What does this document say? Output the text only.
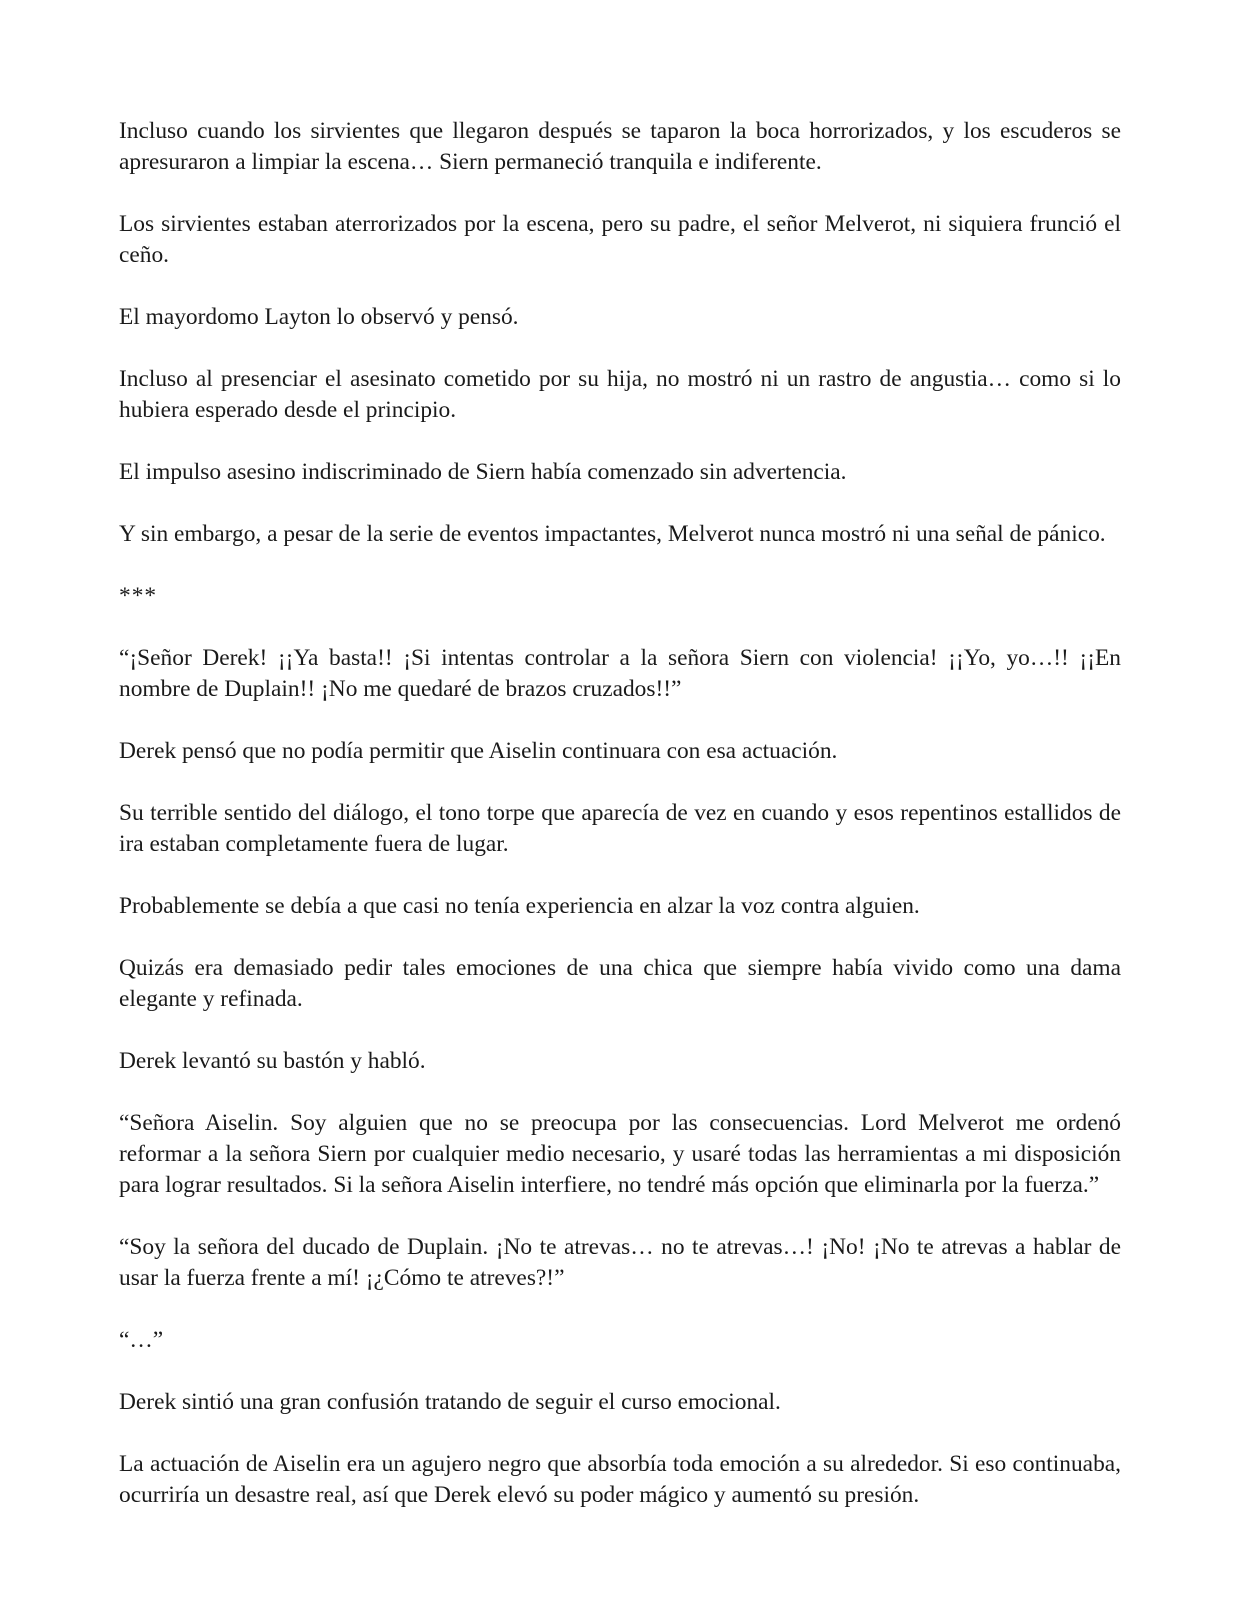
Incluso cuando los sirvientes que llegaron después se taparon la boca horrorizados, y los escuderos se apresuraron a limpiar la escena… Siern permaneció tranquila e indiferente.

Los sirvientes estaban aterrorizados por la escena, pero su padre, el señor Melverot, ni siquiera frunció el ceño.

El mayordomo Layton lo observó y pensó.

Incluso al presenciar el asesinato cometido por su hija, no mostró ni un rastro de angustia… como si lo hubiera esperado desde el principio.

El impulso asesino indiscriminado de Siern había comenzado sin advertencia.

Y sin embargo, a pesar de la serie de eventos impactantes, Melverot nunca mostró ni una señal de pánico.

***

“¡Señor Derek! ¡¡Ya basta!! ¡Si intentas controlar a la señora Siern con violencia! ¡¡Yo, yo…!! ¡¡En nombre de Duplain!! ¡No me quedaré de brazos cruzados!!”

Derek pensó que no podía permitir que Aiselin continuara con esa actuación.

Su terrible sentido del diálogo, el tono torpe que aparecía de vez en cuando y esos repentinos estallidos de ira estaban completamente fuera de lugar.

Probablemente se debía a que casi no tenía experiencia en alzar la voz contra alguien.

Quizás era demasiado pedir tales emociones de una chica que siempre había vivido como una dama elegante y refinada.

Derek levantó su bastón y habló.

“Señora Aiselin. Soy alguien que no se preocupa por las consecuencias. Lord Melverot me ordenó reformar a la señora Siern por cualquier medio necesario, y usaré todas las herramientas a mi disposición para lograr resultados. Si la señora Aiselin interfiere, no tendré más opción que eliminarla por la fuerza.”

“Soy la señora del ducado de Duplain. ¡No te atrevas… no te atrevas…! ¡No! ¡No te atrevas a hablar de usar la fuerza frente a mí! ¡¿Cómo te atreves?!”

“…”

Derek sintió una gran confusión tratando de seguir el curso emocional.

La actuación de Aiselin era un agujero negro que absorbía toda emoción a su alrededor. Si eso continuaba, ocurriría un desastre real, así que Derek elevó su poder mágico y aumentó su presión.
